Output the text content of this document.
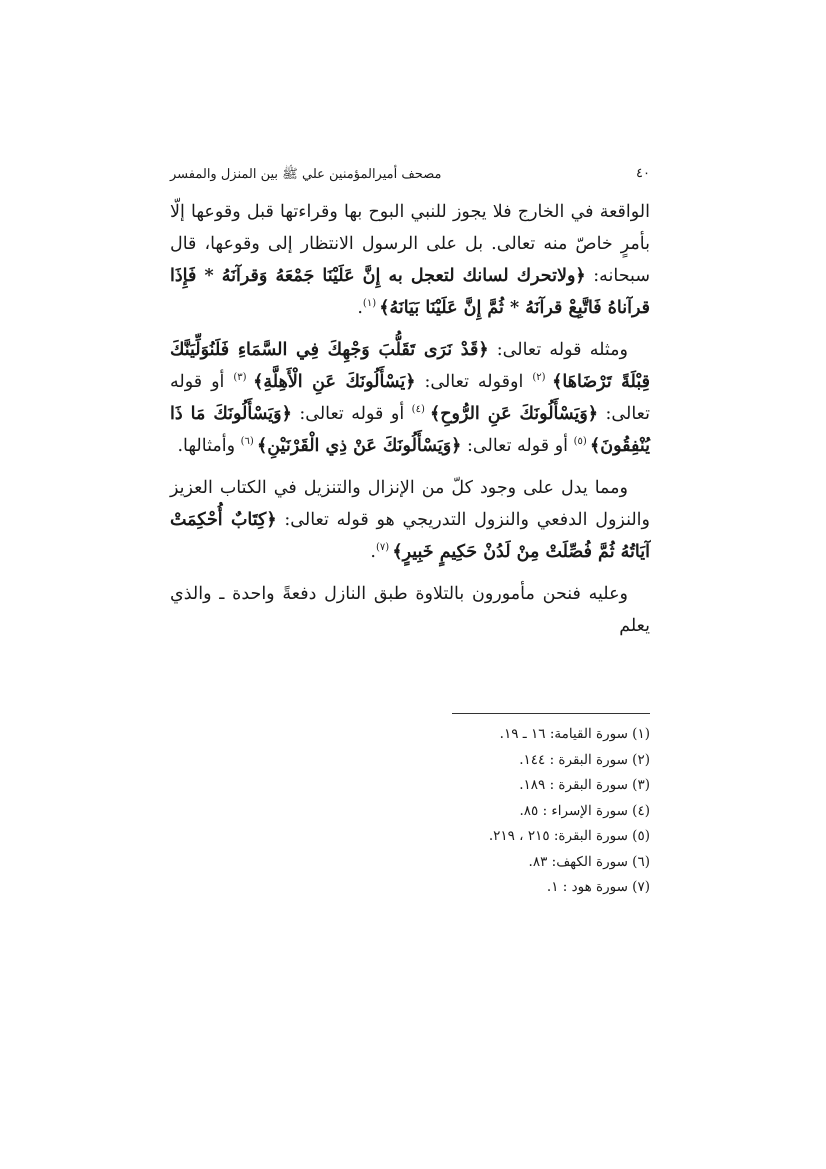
٤٠
مصحف أميرالمؤمنين علي ﷺ بين المنزل والمفسر

الواقعة في الخارج فلا يجوز للنبي البوح بها وقراءتها قبل وقوعها إلّا بأمرٍ خاصّ منه تعالى. بل على الرسول الانتظار إلى وقوعها، قال سبحانه: ﴿ولاتحرك لسانك لتعجل به إِنَّ عَلَيْنَا جَمْعَهُ وَقرآنَهُ * فَإِذَا قرآناهُ فَاتَّبِعْ قرآنَهُ * ثُمَّ إِنَّ عَلَيْنَا بَيَانَهُ﴾ $^{(١)}$.

ومثله قوله تعالى: ﴿قَدْ نَرَى تَقَلُّبَ وَجْهِكَ فِي السَّمَاءِ فَلَنُوَلِّيَنَّكَ قِبْلَةً تَرْضَاهَا﴾ $^{(٢)}$ اوقوله تعالى: ﴿يَسْأَلُونَكَ عَنِ الْأَهِلَّةِ﴾ $^{(٣)}$ أو قوله تعالى: ﴿وَيَسْأَلُونَكَ عَنِ الرُّوحِ﴾ $^{(٤)}$ أو قوله تعالى: ﴿وَيَسْأَلُونَكَ مَا ذَا يُنْفِقُونَ﴾ $^{(٥)}$ أو قوله تعالى: ﴿وَيَسْأَلُونَكَ عَنْ ذِي الْقَرْنَيْنِ﴾ $^{(٦)}$ وأمثالها.

ومما يدل على وجود كلّ من الإنزال والتنزيل في الكتاب العزيز والنزول الدفعي والنزول التدريجي هو قوله تعالى: ﴿كِتَابٌ أُحْكِمَتْ آيَاتُهُ ثُمَّ فُصِّلَتْ مِنْ لَدُنْ حَكِيمٍ خَبِيرٍ﴾ $^{(٧)}$.

وعليه فنحن مأمورون بالتلاوة طبق النازل دفعةً واحدة ـ والذي يعلم

(١) سورة القيامة: ١٦ ـ ١٩.
(٢) سورة البقرة : ١٤٤.
(٣) سورة البقرة : ١٨٩.
(٤) سورة الإسراء : ٨٥.
(٥) سورة البقرة: ٢١٥ ، ٢١٩.
(٦) سورة الكهف: ٨٣.
(٧) سورة هود : ١.
